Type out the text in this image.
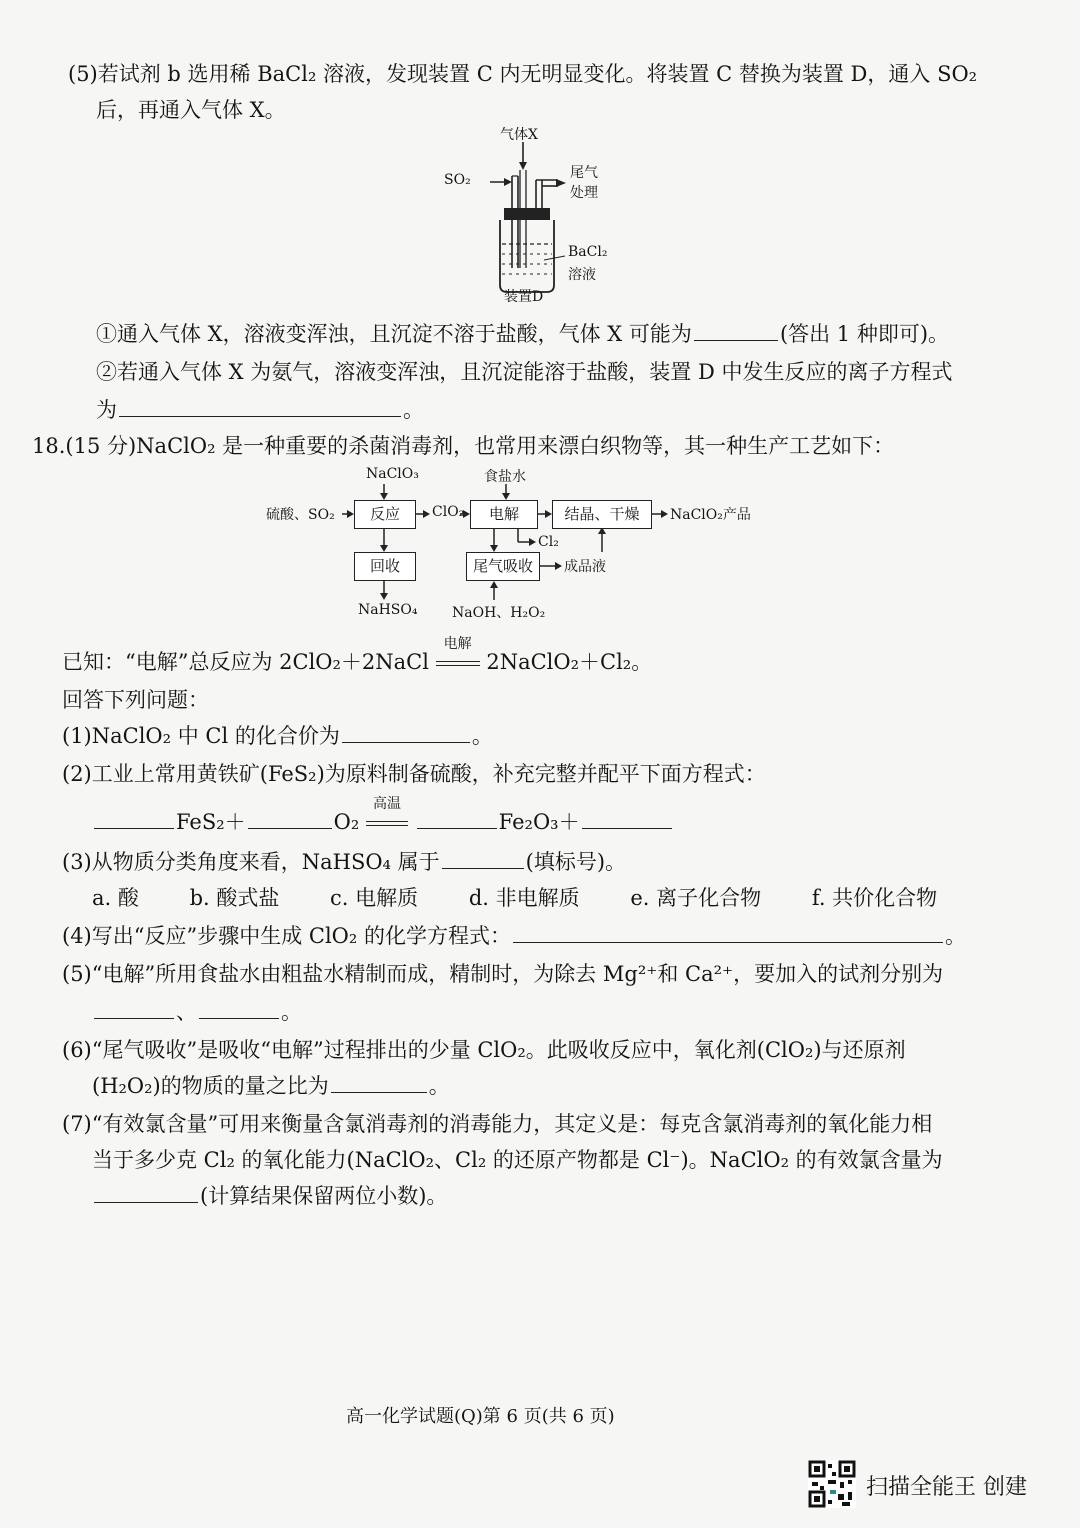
(5)若试剂 b 选用稀 BaCl₂ 溶液，发现装置 C 内无明显变化。将装置 C 替换为装置 D，通入 SO₂
后，再通入气体 X。
气体X
SO₂	尾气
处理
BaCl₂
溶液
装置D
①通入气体 X，溶液变浑浊，且沉淀不溶于盐酸，气体 X 可能为	(答出 1 种即可)。
②若通入气体 X 为氨气，溶液变浑浊，且沉淀能溶于盐酸，装置 D 中发生反应的离子方程式
为	。
18.(15 分)NaClO₂ 是一种重要的杀菌消毒剂，也常用来漂白织物等，其一种生产工艺如下：
NaClO₃	食盐水
硫酸、SO₂	反应	ClO₂	电解	结晶、干燥	NaClO₂产品
Cl₂
回收	尾气吸收	成品液
NaHSO₄ NaOH、H₂O₂
已知：“电解”总反应为 2ClO₂＋2NaCl
电解
2NaClO₂＋Cl₂。
回答下列问题：
(1)NaClO₂ 中 Cl 的化合价为	。
(2)工业上常用黄铁矿(FeS₂)为原料制备硫酸，补充完整并配平下面方程式：
FeS₂＋	O₂
高温
Fe₂O₃＋
(3)从物质分类角度来看，NaHSO₄ 属于	(填标号)。
a. 酸 b. 酸式盐 c. 电解质 d. 非电解质 e. 离子化合物 f. 共价化合物
(4)写出“反应”步骤中生成 ClO₂ 的化学方程式：	。
(5)“电解”所用食盐水由粗盐水精制而成，精制时，为除去 Mg²⁺和 Ca²⁺，要加入的试剂分别为
、	。
(6)“尾气吸收”是吸收“电解”过程排出的少量 ClO₂。此吸收反应中，氧化剂(ClO₂)与还原剂
(H₂O₂)的物质的量之比为	。
(7)“有效氯含量”可用来衡量含氯消毒剂的消毒能力，其定义是：每克含氯消毒剂的氧化能力相
当于多少克 Cl₂ 的氧化能力(NaClO₂、Cl₂ 的还原产物都是 Cl⁻)。NaClO₂ 的有效氯含量为
(计算结果保留两位小数)。
高一化学试题(Q)第 6 页(共 6 页)
扫描全能王 创建
